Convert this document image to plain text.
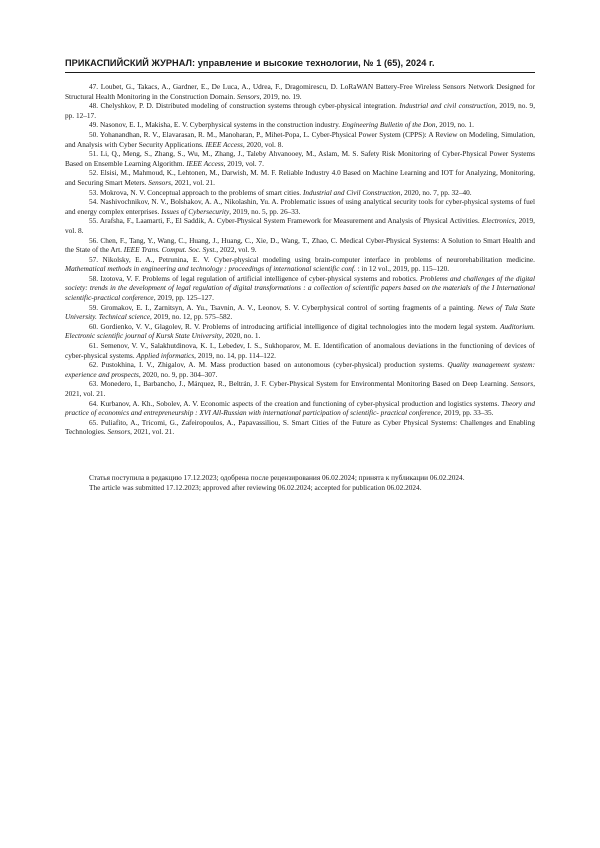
ПРИКАСПИЙСКИЙ ЖУРНАЛ: управление и высокие технологии, № 1 (65), 2024 г.
47. Loubet, G., Takacs, A., Gardner, E., De Luca, A., Udrea, F., Dragomirescu, D. LoRaWAN Battery-Free Wireless Sensors Network Designed for Structural Health Monitoring in the Construction Domain. Sensors, 2019, no. 19.
48. Chelyshkov, P. D. Distributed modeling of construction systems through cyber-physical integration. Industrial and civil construction, 2019, no. 9, pp. 12–17.
49. Nasonov, E. I., Makisha, E. V. Cyberphysical systems in the construction industry. Engineering Bulletin of the Don, 2019, no. 1.
50. Yohanandhan, R. V., Elavarasan, R. M., Manoharan, P., Mihet-Popa, L. Cyber-Physical Power System (CPPS): A Review on Modeling, Simulation, and Analysis with Cyber Security Applications. IEEE Access, 2020, vol. 8.
51. Li, Q., Meng, S., Zhang, S., Wu, M., Zhang, J., Taleby Ahvanooey, M., Aslam, M. S. Safety Risk Monitoring of Cyber-Physical Power Systems Based on Ensemble Learning Algorithm. IEEE Access, 2019, vol. 7.
52. Elsisi, M., Mahmoud, K., Lehtonen, M., Darwish, M. M. F. Reliable Industry 4.0 Based on Machine Learning and IOT for Analyzing, Monitoring, and Securing Smart Meters. Sensors, 2021, vol. 21.
53. Mokrova, N. V. Conceptual approach to the problems of smart cities. Industrial and Civil Construction, 2020, no. 7, pp. 32–40.
54. Nashivochnikov, N. V., Bolshakov, A. A., Nikolashin, Yu. A. Problematic issues of using analytical security tools for cyber-physical systems of fuel and energy complex enterprises. Issues of Cybersecurity, 2019, no. 5, pp. 26–33.
55. Arafsha, F., Laamarti, F., El Saddik, A. Cyber-Physical System Framework for Measurement and Analysis of Physical Activities. Electronics, 2019, vol. 8.
56. Chen, F., Tang, Y., Wang, C., Huang, J., Huang, C., Xie, D., Wang, T., Zhao, C. Medical Cyber-Physical Systems: A Solution to Smart Health and the State of the Art. IEEE Trans. Comput. Soc. Syst., 2022, vol. 9.
57. Nikolsky, E. A., Petrunina, E. V. Cyber-physical modeling using brain-computer interface in problems of neurorehabilitation medicine. Mathematical methods in engineering and technology : proceedings of international scientific conf. : in 12 vol., 2019, pp. 115–120.
58. Izotova, V. F. Problems of legal regulation of artificial intelligence of cyber-physical systems and robotics. Problems and challenges of the digital society: trends in the development of legal regulation of digital transformations : a collection of scientific papers based on the materials of the I International scientific-practical conference, 2019, pp. 125–127.
59. Gromakov, E. I., Zarnitsyn, A. Yu., Tsavnin, A. V., Leonov, S. V. Cyberphysical control of sorting fragments of a painting. News of Tula State University. Technical science, 2019, no. 12, pp. 575–582.
60. Gordienko, V. V., Glagolev, R. V. Problems of introducing artificial intelligence of digital technologies into the modern legal system. Auditorium. Electronic scientific journal of Kursk State University, 2020, no. 1.
61. Semenov, V. V., Salakhutdinova, K. I., Lebedev, I. S., Sukhoparov, M. E. Identification of anomalous deviations in the functioning of devices of cyber-physical systems. Applied informatics, 2019, no. 14, pp. 114–122.
62. Pustokhina, I. V., Zhigalov, A. M. Mass production based on autonomous (cyber-physical) production systems. Quality management system: experience and prospects, 2020, no. 9, pp. 304–307.
63. Monedero, I., Barbancho, J., Márquez, R., Beltrán, J. F. Cyber-Physical System for Environmental Monitoring Based on Deep Learning. Sensors, 2021, vol. 21.
64. Kurbanov, A. Kh., Sobolev, A. V. Economic aspects of the creation and functioning of cyber-physical production and logistics systems. Theory and practice of economics and entrepreneurship : XVI All-Russian with international participation of scientific- practical conference, 2019, pp. 33–35.
65. Puliafito, A., Tricomi, G., Zafeiropoulos, A., Papavassiliou, S. Smart Cities of the Future as Cyber Physical Systems: Challenges and Enabling Technologies. Sensors, 2021, vol. 21.
Статья поступила в редакцию 17.12.2023; одобрена после рецензирования 06.02.2024; принята к публикации 06.02.2024.
The article was submitted 17.12.2023; approved after reviewing 06.02.2024; accepted for publication 06.02.2024.
